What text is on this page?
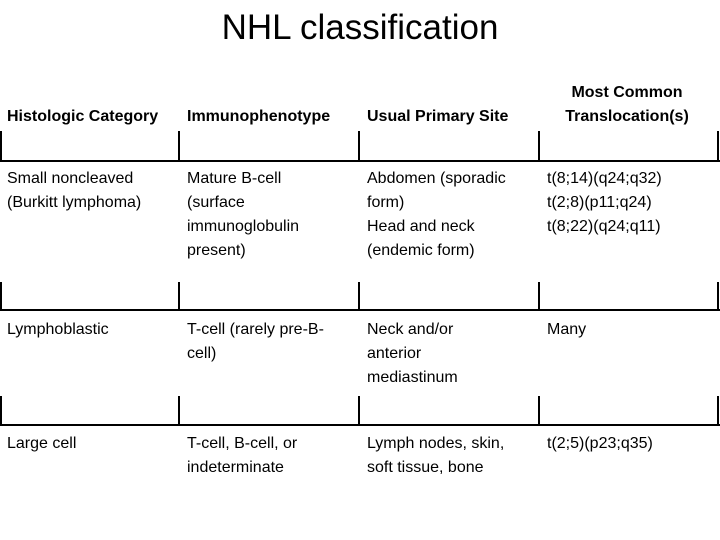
NHL classification
Histologic Category Immunophenotype Usual Primary Site
Most Common
Translocation(s)
Small noncleaved
(Burkitt lymphoma)
Mature B-cell
(surface
immunoglobulin
present)
Abdomen (sporadic
form)
Head and neck
(endemic form)
t(8;14)(q24;q32)
t(2;8)(p11;q24)
t(8;22)(q24;q11)
Lymphoblastic	T-cell (rarely pre-B-
cell)
Neck and/or
anterior
mediastinum
Many
Large cell	T-cell, B-cell, or
indeterminate
Lymph nodes, skin,
soft tissue, bone
t(2;5)(p23;q35)
